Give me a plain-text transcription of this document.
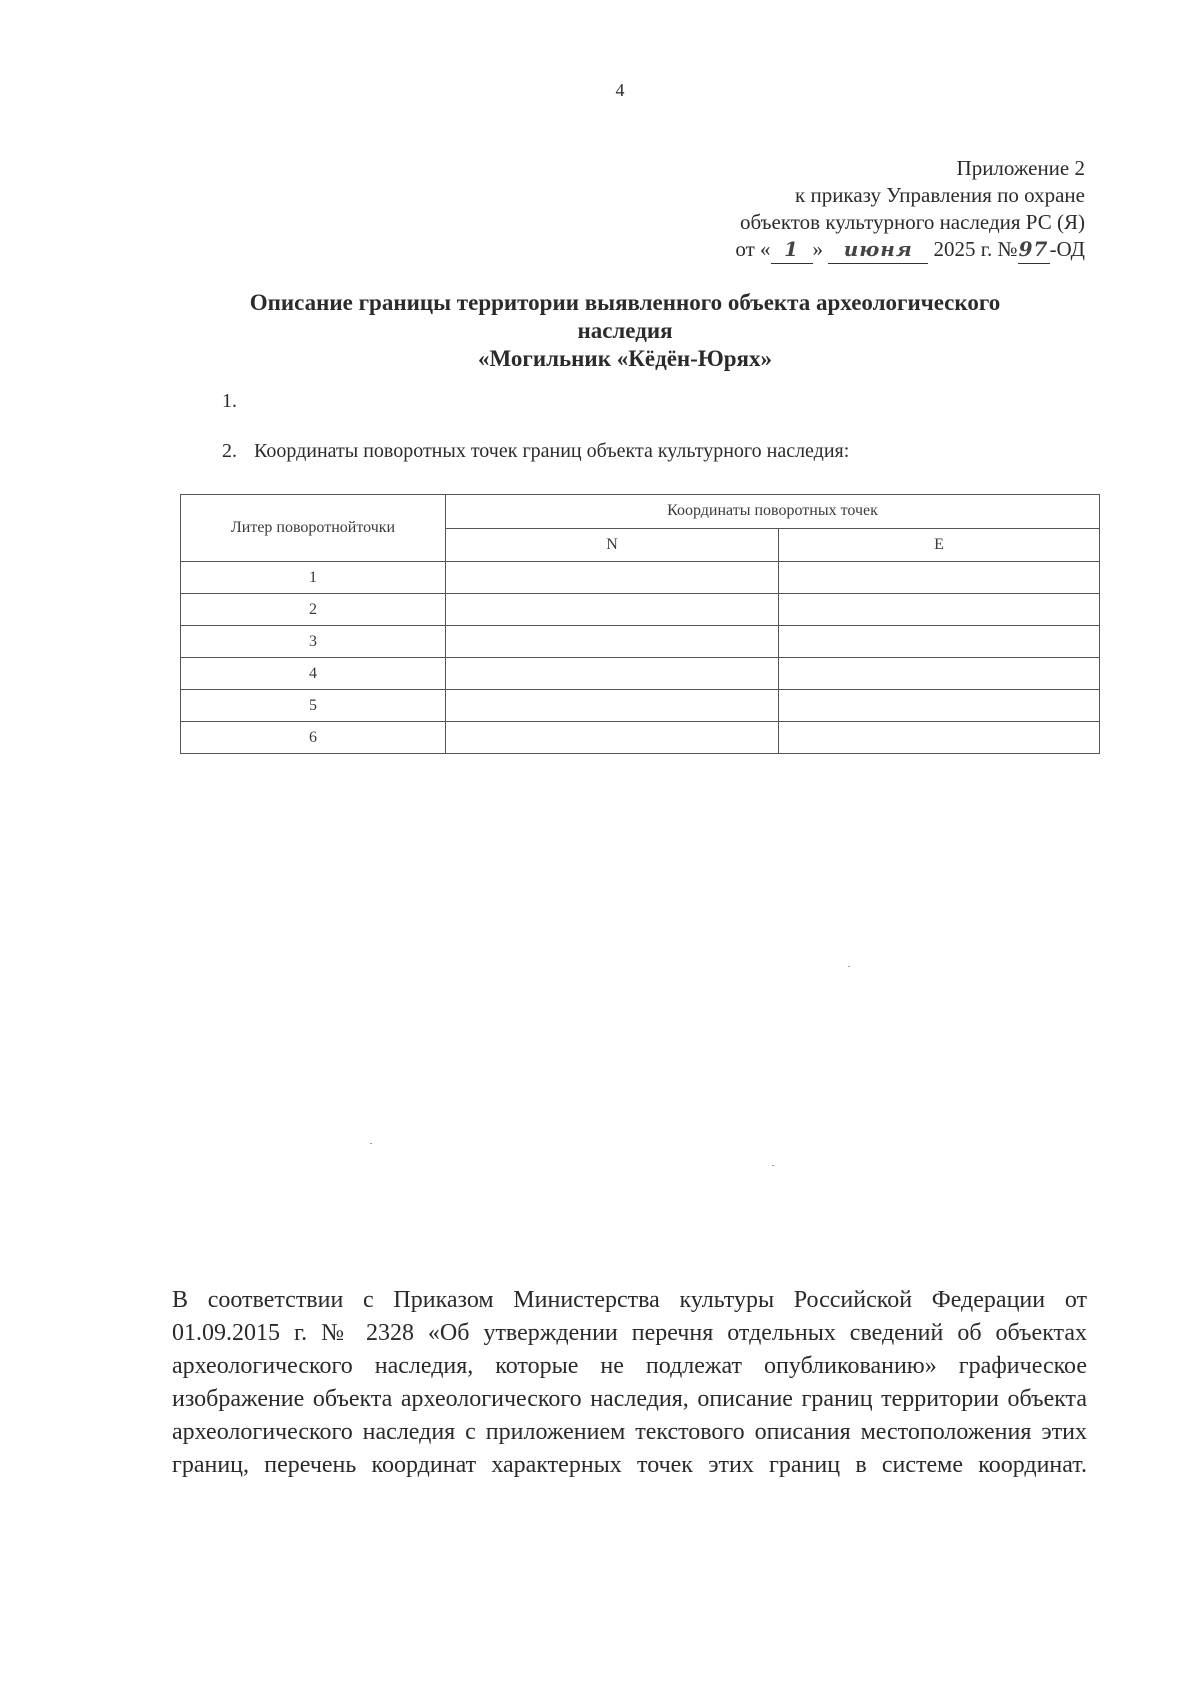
4
Приложение 2
к приказу Управления по охране
объектов культурного наследия РС (Я)
от « 1 » июня 2025 г. №97-ОД
Описание границы территории выявленного объекта археологического
наследия
«Могильник «Кёдён-Юрях»
1.
2. Координаты поворотных точек границ объекта культурного наследия:
Литер поворотнойточки	Координаты поворотных точек	
	N	E
1		
2		
3		
4		
5		
6		
В соответствии с Приказом Министерства культуры Российской Федерации от 01.09.2015 г. № 2328 «Об утверждении перечня отдельных сведений об объектах археологического наследия, которые не подлежат опубликованию» графическое изображение объекта археологического наследия, описание границ территории объекта археологического наследия с приложением текстового описания местоположения этих границ, перечень координат характерных точек этих границ в системе координат.
